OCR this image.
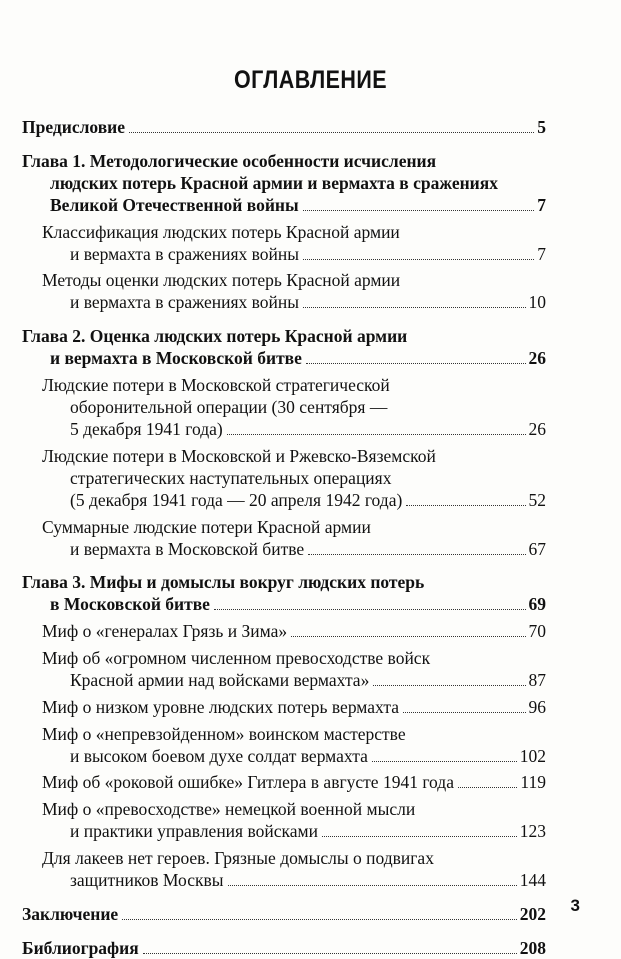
ОГЛАВЛЕНИЕ
Предисловие	5
Глава 1. Методологические особенности исчисления
людских потерь Красной армии и вермахта в сражениях
Великой Отечественной войны	7
Классификация людских потерь Красной армии
и вермахта в сражениях войны	7
Методы оценки людских потерь Красной армии
и вермахта в сражениях войны	10
Глава 2. Оценка людских потерь Красной армии
и вермахта в Московской битве	26
Людские потери в Московской стратегической
оборонительной операции (30 сентября —
5 декабря 1941 года)	26
Людские потери в Московской и Ржевско-Вяземской
стратегических наступательных операциях
(5 декабря 1941 года — 20 апреля 1942 года)	52
Суммарные людские потери Красной армии
и вермахта в Московской битве	67
Глава 3. Мифы и домыслы вокруг людских потерь
в Московской битве	69
Миф о «генералах Грязь и Зима»	70
Миф об «огромном численном превосходстве войск
Красной армии над войсками вермахта»	87
Миф о низком уровне людских потерь вермахта	96
Миф о «непревзойденном» воинском мастерстве
и высоком боевом духе солдат вермахта	102
Миф об «роковой ошибке» Гитлера в августе 1941 года	119
Миф о «превосходстве» немецкой военной мысли
и практики управления войсками	123
Для лакеев нет героев. Грязные домыслы о подвигах
защитников Москвы	144
Заключение	202
Библиография	208
3
